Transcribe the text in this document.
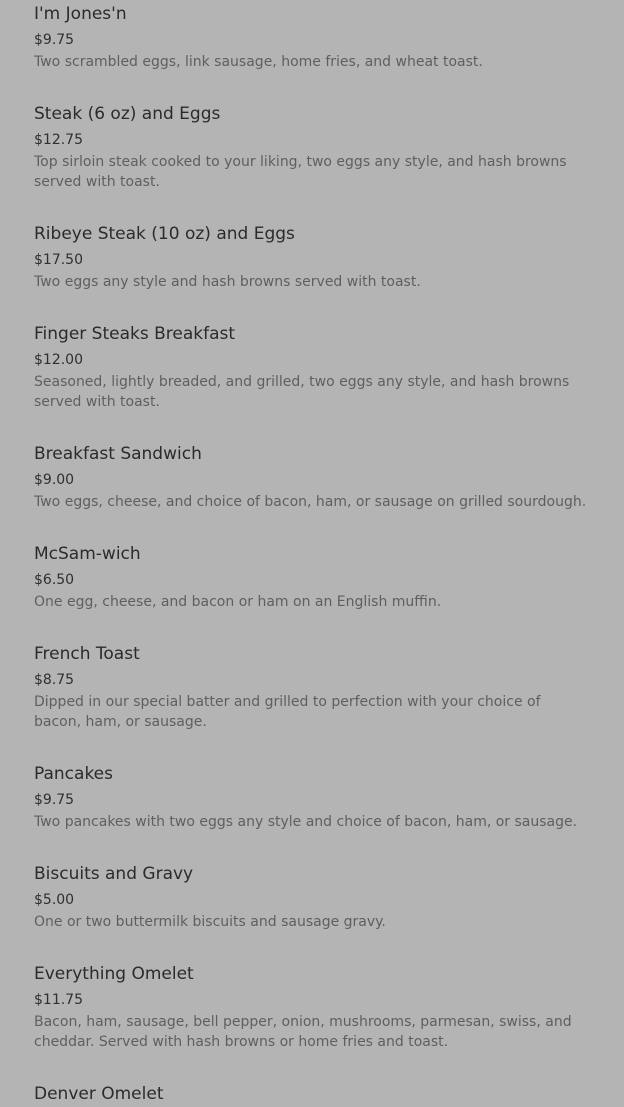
I'm Jones'n
$9.75
Two scrambled eggs, link sausage, home fries, and wheat toast.
Steak (6 oz) and Eggs
$12.75
Top sirloin steak cooked to your liking, two eggs any style, and hash browns served with toast.
Ribeye Steak (10 oz) and Eggs
$17.50
Two eggs any style and hash browns served with toast.
Finger Steaks Breakfast
$12.00
Seasoned, lightly breaded, and grilled, two eggs any style, and hash browns served with toast.
Breakfast Sandwich
$9.00
Two eggs, cheese, and choice of bacon, ham, or sausage on grilled sourdough.
McSam-wich
$6.50
One egg, cheese, and bacon or ham on an English muffin.
French Toast
$8.75
Dipped in our special batter and grilled to perfection with your choice of bacon, ham, or sausage.
Pancakes
$9.75
Two pancakes with two eggs any style and choice of bacon, ham, or sausage.
Biscuits and Gravy
$5.00
One or two buttermilk biscuits and sausage gravy.
Everything Omelet
$11.75
Bacon, ham, sausage, bell pepper, onion, mushrooms, parmesan, swiss, and cheddar. Served with hash browns or home fries and toast.
Denver Omelet
